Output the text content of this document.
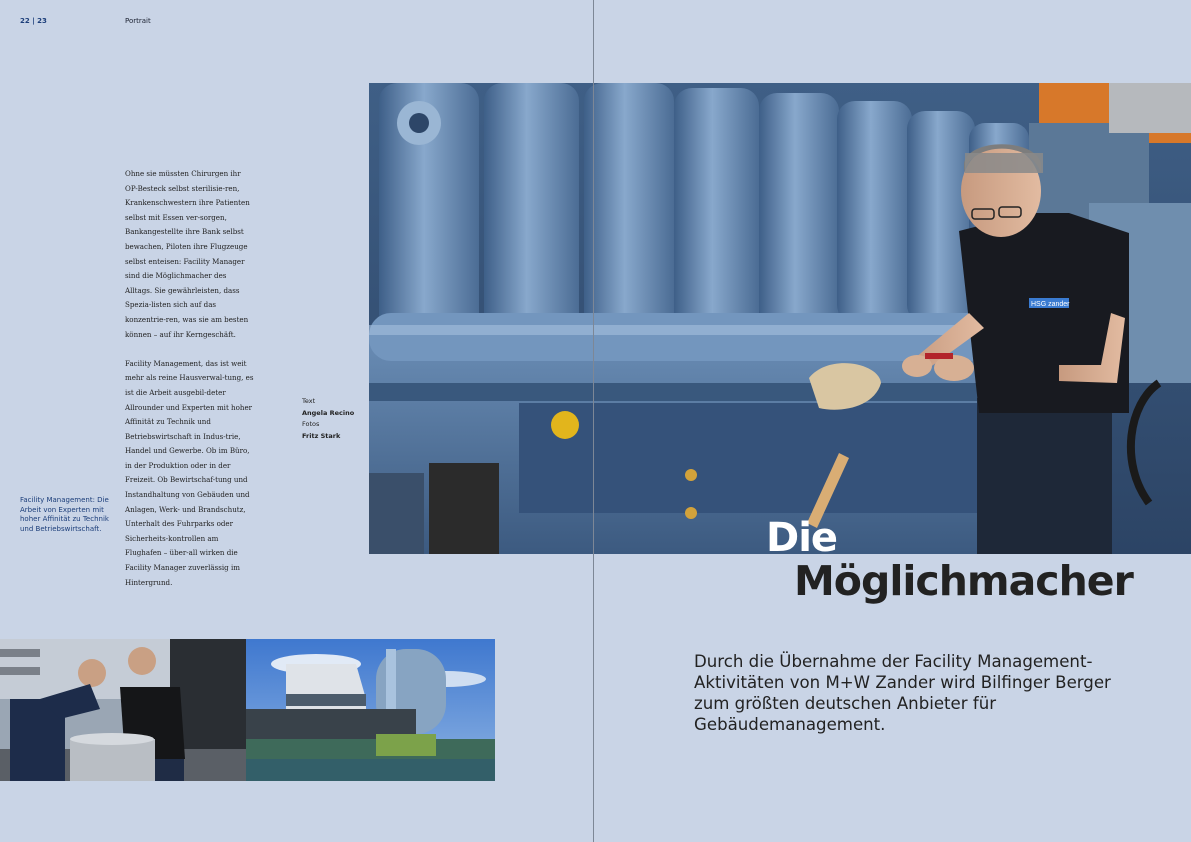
22 | 23	Portrait

Ohne sie müssten Chirurgen ihr OP-Besteck selbst sterilisie-ren, Krankenschwestern ihre Patienten selbst mit Essen ver-sorgen, Bankangestellte ihre Bank selbst bewachen, Piloten ihre Flugzeuge selbst enteisen: Facility Manager sind die Möglichmacher des Alltags. Sie gewährleisten, dass Spezia-listen sich auf das konzentrie-ren, was sie am besten können – auf ihr Kerngeschäft.

Facility Management, das ist weit mehr als reine Hausverwal-tung, es ist die Arbeit ausgebil-deter Allrounder und Experten mit hoher Affinität zu Technik und Betriebswirtschaft in Indus-trie, Handel und Gewerbe. Ob im Büro, in der Produktion oder in der Freizeit. Ob Bewirtschaf-tung und Instandhaltung von Gebäuden und Anlagen, Werk- und Brandschutz, Unterhalt des Fuhrparks oder Sicherheits-kontrollen am Flughafen – über-all wirken die Facility Manager zuverlässig im Hintergrund.

Facility Management: Die Arbeit von Experten mit hoher Affinität zu Technik und Betriebswirtschaft.
Text
Angela Recino
Fotos
Fritz Stark
HSG zander
Die
Möglichmacher
Durch die Übernahme der Facility Management-Aktivitäten von M+W Zander wird Bilfinger Berger zum größten deutschen Anbieter für Gebäudemanagement.
